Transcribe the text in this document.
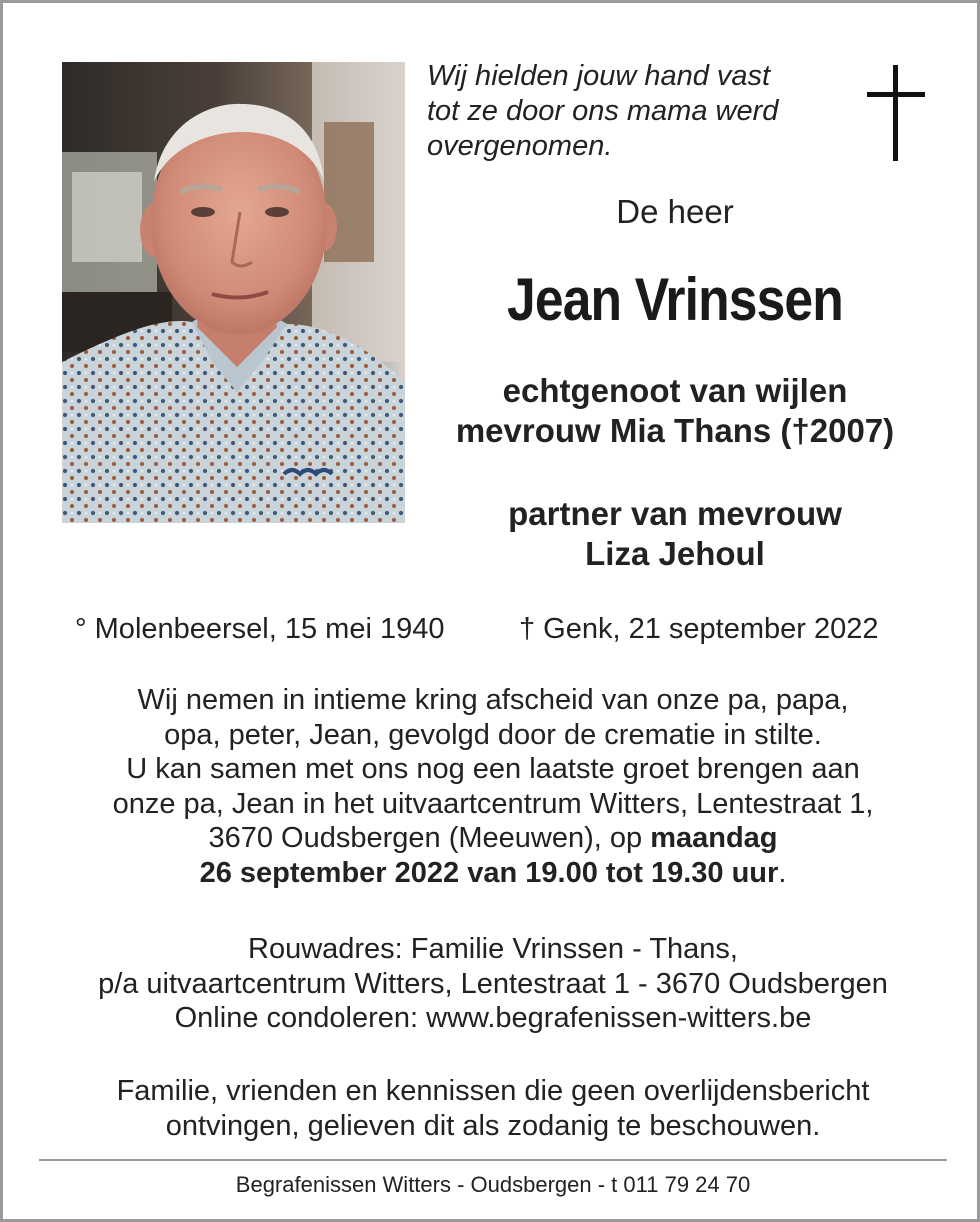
Wij hielden jouw hand vast
tot ze door ons mama werd
overgenomen.
De heer
Jean Vrinssen
echtgenoot van wijlen
mevrouw Mia Thans (†2007)
partner van mevrouw
Liza Jehoul
° Molenbeersel, 15 mei 1940	† Genk, 21 september 2022
Wij nemen in intieme kring afscheid van onze pa, papa,
opa, peter, Jean, gevolgd door de crematie in stilte.
U kan samen met ons nog een laatste groet brengen aan
onze pa, Jean in het uitvaartcentrum Witters, Lentestraat 1,
3670 Oudsbergen (Meeuwen), op maandag
26 september 2022 van 19.00 tot 19.30 uur.
Rouwadres: Familie Vrinssen - Thans,
p/a uitvaartcentrum Witters, Lentestraat 1 - 3670 Oudsbergen
Online condoleren: www.begrafenissen-witters.be
Familie, vrienden en kennissen die geen overlijdensbericht
ontvingen, gelieven dit als zodanig te beschouwen.
Begrafenissen Witters - Oudsbergen - t 011 79 24 70
